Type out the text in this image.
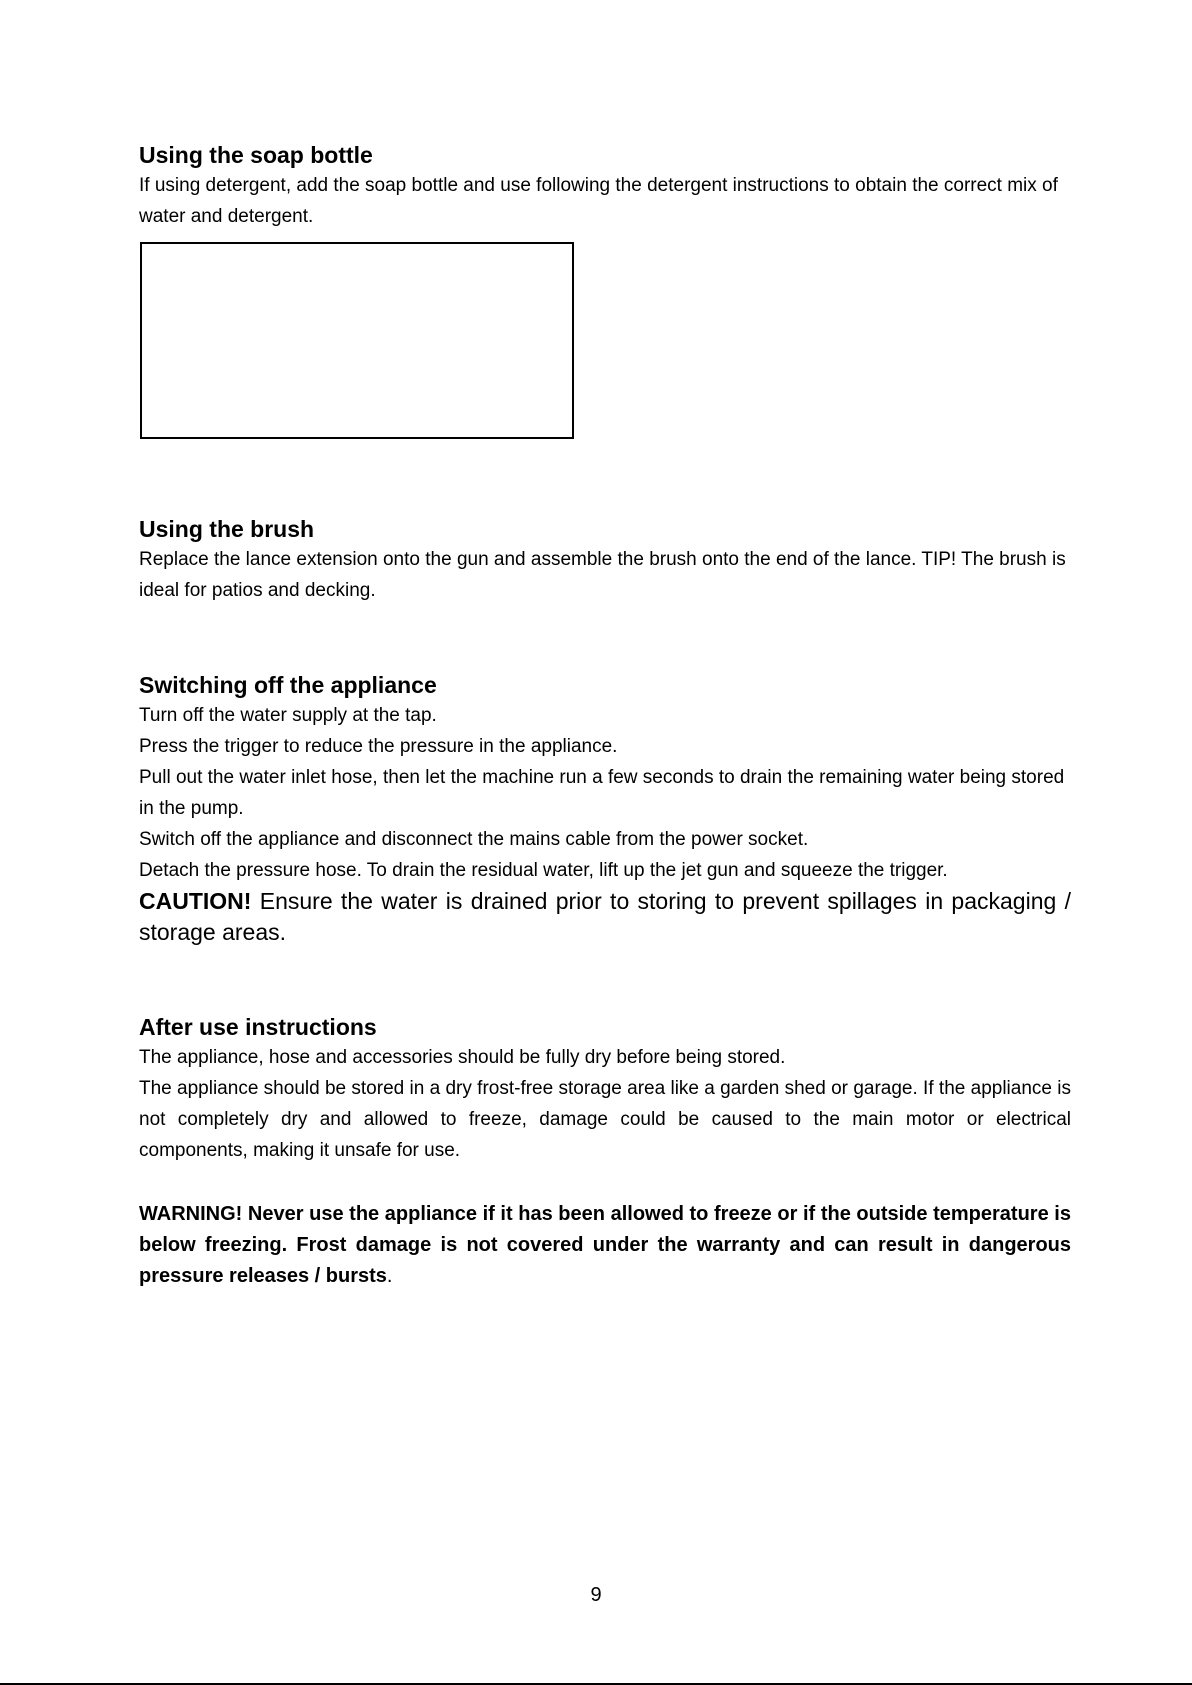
Using the soap bottle

If using detergent, add the soap bottle and use following the detergent instructions to obtain the correct mix of water and detergent.

Using the brush

Replace the lance extension onto the gun and assemble the brush onto the end of the lance. TIP! The brush is ideal for patios and decking.

Switching off the appliance

Turn off the water supply at the tap.

Press the trigger to reduce the pressure in the appliance.

Pull out the water inlet hose, then let the machine run a few seconds to drain the remaining water being stored in the pump.

Switch off the appliance and disconnect the mains cable from the power socket.

Detach the pressure hose. To drain the residual water, lift up the jet gun and squeeze the trigger.

CAUTION! Ensure the water is drained prior to storing to prevent spillages in packaging / storage areas.

After use instructions

The appliance, hose and accessories should be fully dry before being stored.

The appliance should be stored in a dry frost-free storage area like a garden shed or garage. If the appliance is not completely dry and allowed to freeze, damage could be caused to the main motor or electrical components, making it unsafe for use.

WARNING! Never use the appliance if it has been allowed to freeze or if the outside temperature is below freezing. Frost damage is not covered under the warranty and can result in dangerous pressure releases / bursts.

9
